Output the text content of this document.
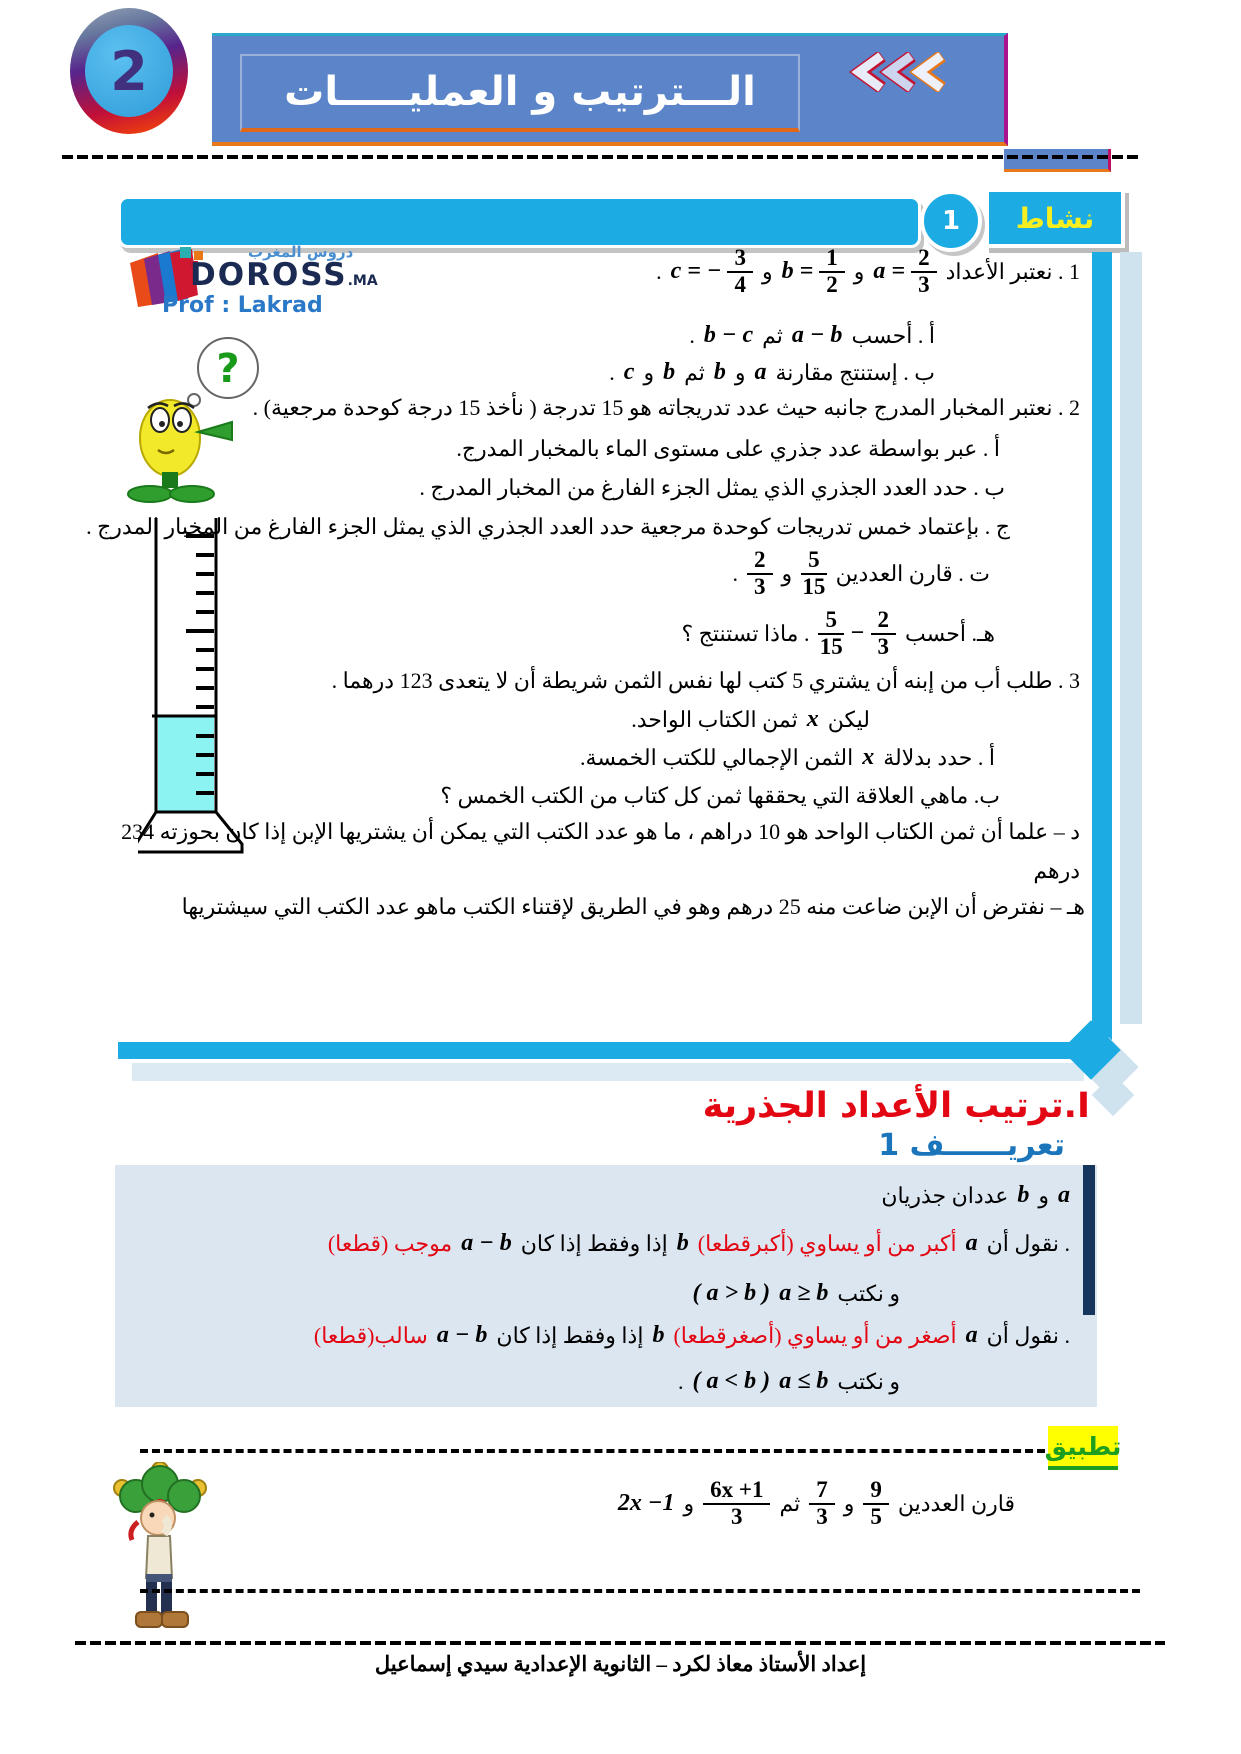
2	الـــترتيب و العمليـــــات
1	نشاط
دروس المغرب
DOROSS.MA
Prof : Lakrad
?
1 . نعتبر الأعداد
$a = \frac{2}{3}$
و
$b = \frac{1}{2}$
و
c = − $\frac{3}{4}$
.
أ . أحسب
a − b
ثم
b − c
.
ب . إستنتج مقارنة
a
و
b
ثم
b
و
c
.
2 . نعتبر المخبار المدرج جانبه حيث عدد تدريجاته هو 15 تدرجة ( نأخذ 15 درجة كوحدة مرجعية) .
أ . عبر بواسطة عدد جذري على مستوى الماء بالمخبار المدرج.
ب . حدد العدد الجذري الذي يمثل الجزء الفارغ من المخبار المدرج .
ج . بإعتماد خمس تدريجات كوحدة مرجعية حدد العدد الجذري الذي يمثل الجزء الفارغ من المخبار المدرج .
ت . قارن العددين
$\frac{5}{15}$
و
$\frac{2}{3}$
.
هـ. أحسب
$\frac{5}{15} - \frac{2}{3}$
. ماذا تستنتج ؟
3 . طلب أب من إبنه أن يشتري 5 كتب لها نفس الثمن شريطة أن لا يتعدى 123 درهما .
ليكن
x
ثمن الكتاب الواحد.
أ . حدد بدلالة
x
الثمن الإجمالي للكتب الخمسة.
ب. ماهي العلاقة التي يحققها ثمن كل كتاب من الكتب الخمس ؟
د – علما أن ثمن الكتاب الواحد هو 10 دراهم ، ما هو عدد الكتب التي يمكن أن يشتريها الإبن إذا كان بحوزته 234
درهم
هـ – نفترض أن الإبن ضاعت منه 25 درهم وهو في الطريق لإقتناء الكتب ماهو عدد الكتب التي سيشتريها
I.ترتيب الأعداد الجذرية
تعريــــــف 1
a
و
b
عددان جذريان
. نقول أن
a
أكبر من أو يساوي (أكبرقطعا)
b
إذا وفقط إذا كان
a − b
موجب (قطعا)
و نكتب
a ≥ b
( a > b )
. نقول أن
a
أصغر من أو يساوي (أصغرقطعا)
b
إذا وفقط إذا كان
a − b
سالب(قطعا)
و نكتب
a ≤ b
( a < b )
.
تطبيق
قارن العددين
$\frac{9}{5}$
و
$\frac{7}{3}$
ثم
$\frac{6x +1}{3}$
و
2x −1
إعداد الأستاذ معاذ لكرد – الثانوية الإعدادية سيدي إسماعيل
